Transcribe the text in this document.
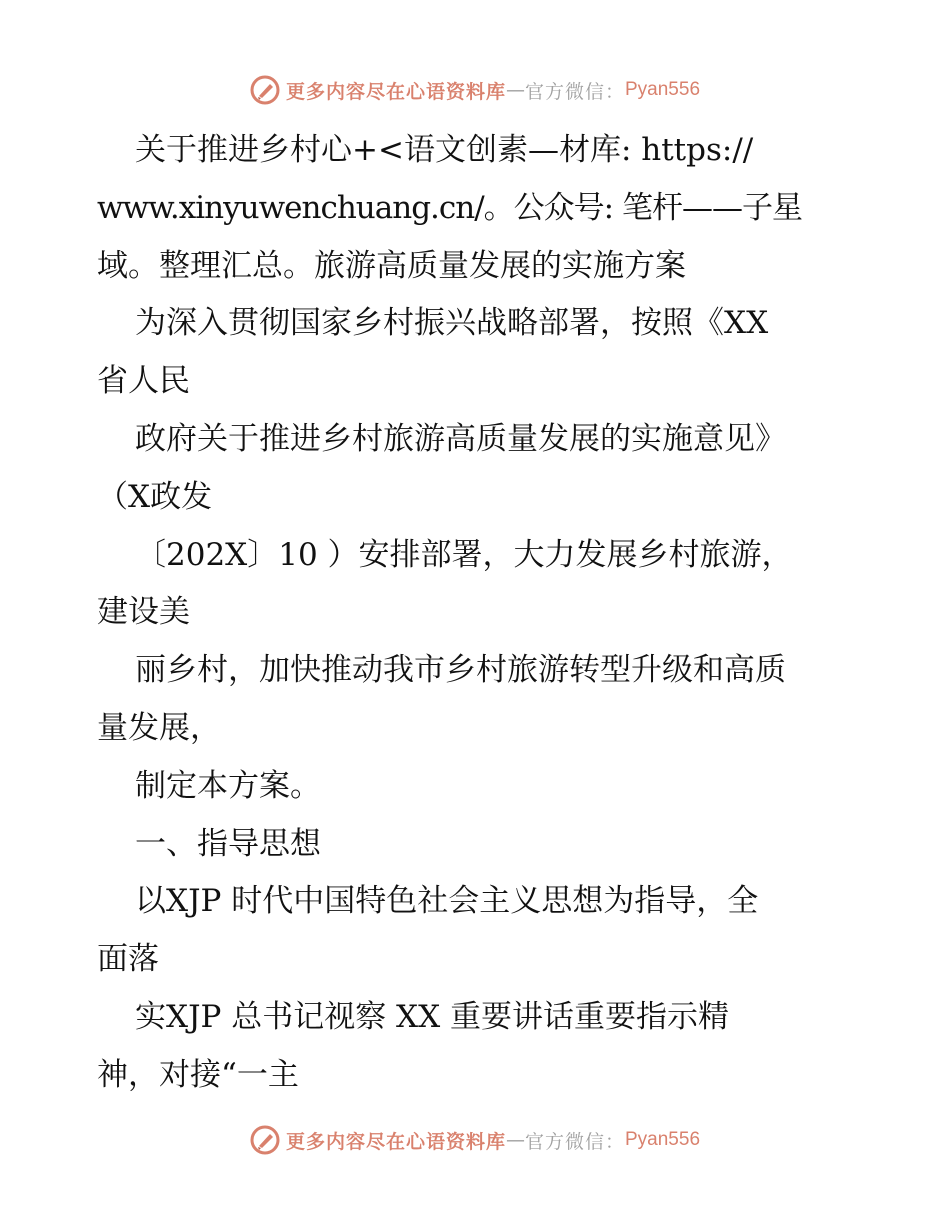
更多内容尽在心语资料库 — 官方微信： Pyan556

关于推进乡村心+<语文创素—材库: https://

www.xinyuwenchuang.cn/。公众号: 笔杆——子星

域。整理汇总。旅游高质量发展的实施方案

为深入贯彻国家乡村振兴战略部署，按照《XX

省人民

政府关于推进乡村旅游高质量发展的实施意见》

（X政发

〔202X〕10 ）安排部署，大力发展乡村旅游，

建设美

丽乡村，加快推动我市乡村旅游转型升级和高质

量发展，

制定本方案。

一、指导思想

以XJP 时代中国特色社会主义思想为指导，全

面落

实XJP 总书记视察 XX 重要讲话重要指示精

神，对接“一主

更多内容尽在心语资料库 — 官方微信： Pyan556
